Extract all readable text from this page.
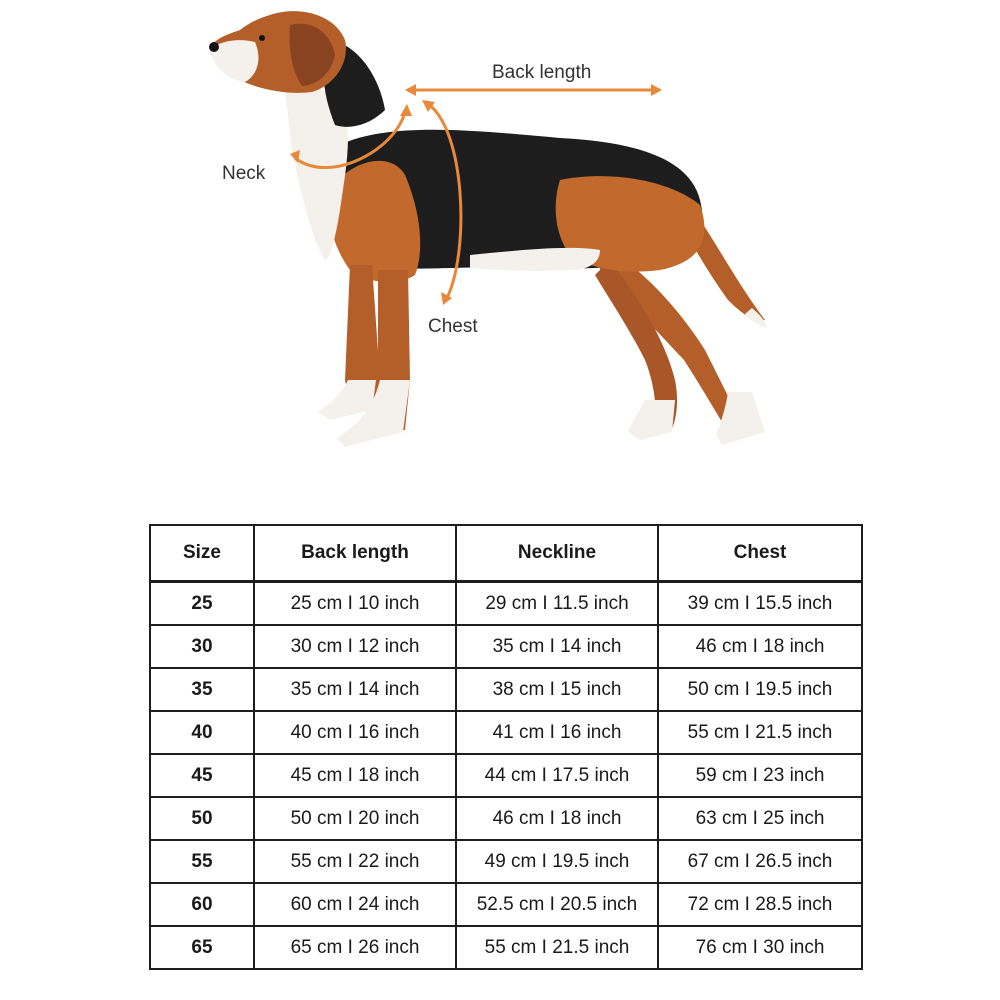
Back length
Neck
Chest
Size	Back length	Neckline	Chest
25	25 cm I 10 inch	29 cm I 11.5 inch	39 cm I 15.5 inch
30	30 cm I 12 inch	35 cm I 14 inch	46 cm I 18 inch
35	35 cm I 14 inch	38 cm I 15 inch	50 cm I 19.5 inch
40	40 cm I 16 inch	41 cm I 16 inch	55 cm I 21.5 inch
45	45 cm I 18 inch	44 cm I 17.5 inch	59 cm I 23 inch
50	50 cm I 20 inch	46 cm I 18 inch	63 cm I 25 inch
55	55 cm I 22 inch	49 cm I 19.5 inch	67 cm I 26.5 inch
60	60 cm I 24 inch	52.5 cm I 20.5 inch	72 cm I 28.5 inch
65	65 cm I 26 inch	55 cm I 21.5 inch	76 cm I 30 inch
